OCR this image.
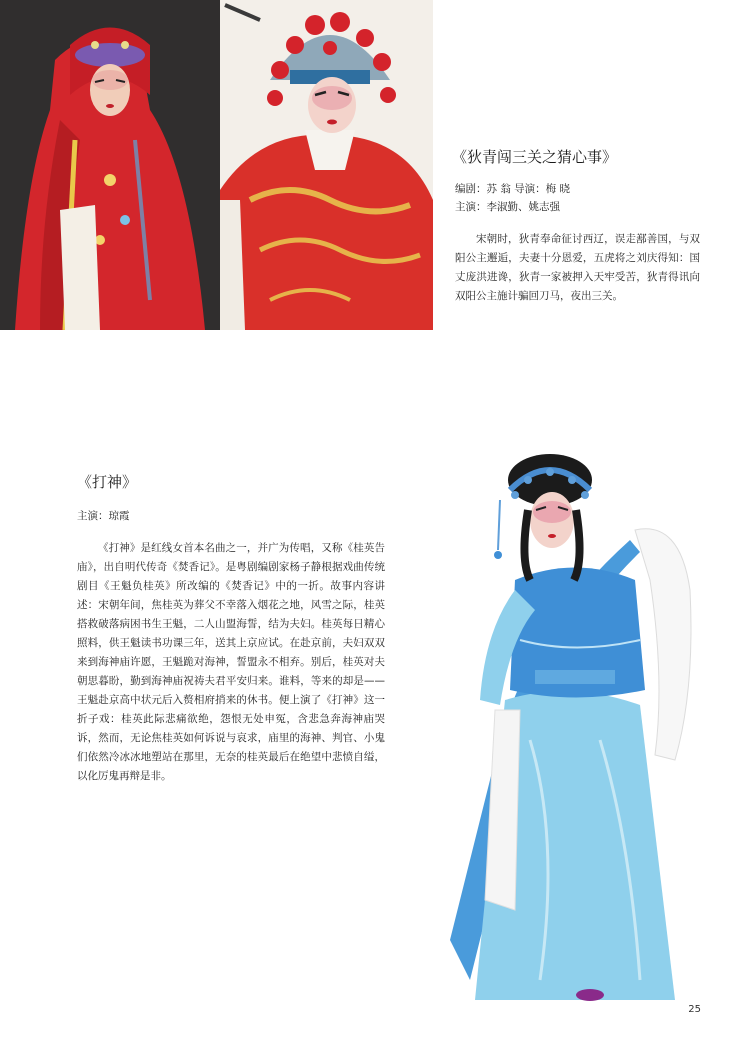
《狄青闯三关之猜心事》
编剧：苏 翁 导演：梅 晓
主演：李淑勤、姚志强

宋朝时，狄青奉命征讨西辽，误走鄯善国，与双阳公主邂逅，夫妻十分恩爱，五虎将之刘庆得知：国丈庞洪进谗，狄青一家被押入天牢受苦，狄青得讯向双阳公主施计骗回刀马，夜出三关。

《打神》
主演：琼霞

《打神》是红线女首本名曲之一，并广为传唱，又称《桂英告庙》，出自明代传奇《焚香记》。是粤剧编剧家杨子静根据戏曲传统剧目《王魁负桂英》所改编的《焚香记》中的一折。故事内容讲述：宋朝年间，焦桂英为葬父不幸落入烟花之地，风雪之际，桂英搭救破落病困书生王魁，二人山盟海誓，结为夫妇。桂英每日精心照料，供王魁读书功课三年，送其上京应试。在赴京前，夫妇双双来到海神庙许愿，王魁跪对海神，誓盟永不相弃。别后，桂英对夫朝思暮盼，勤到海神庙祝祷夫君平安归来。谁料，等来的却是——王魁赴京高中状元后入赘相府捎来的休书。便上演了《打神》这一折子戏：桂英此际悲痛欲绝，怨恨无处申冤，含悲急奔海神庙哭诉，然而，无论焦桂英如何诉说与哀求，庙里的海神、判官、小鬼们依然冷冰冰地塑站在那里，无奈的桂英最后在绝望中悲愤自缢，以化厉鬼再辩是非。

25
